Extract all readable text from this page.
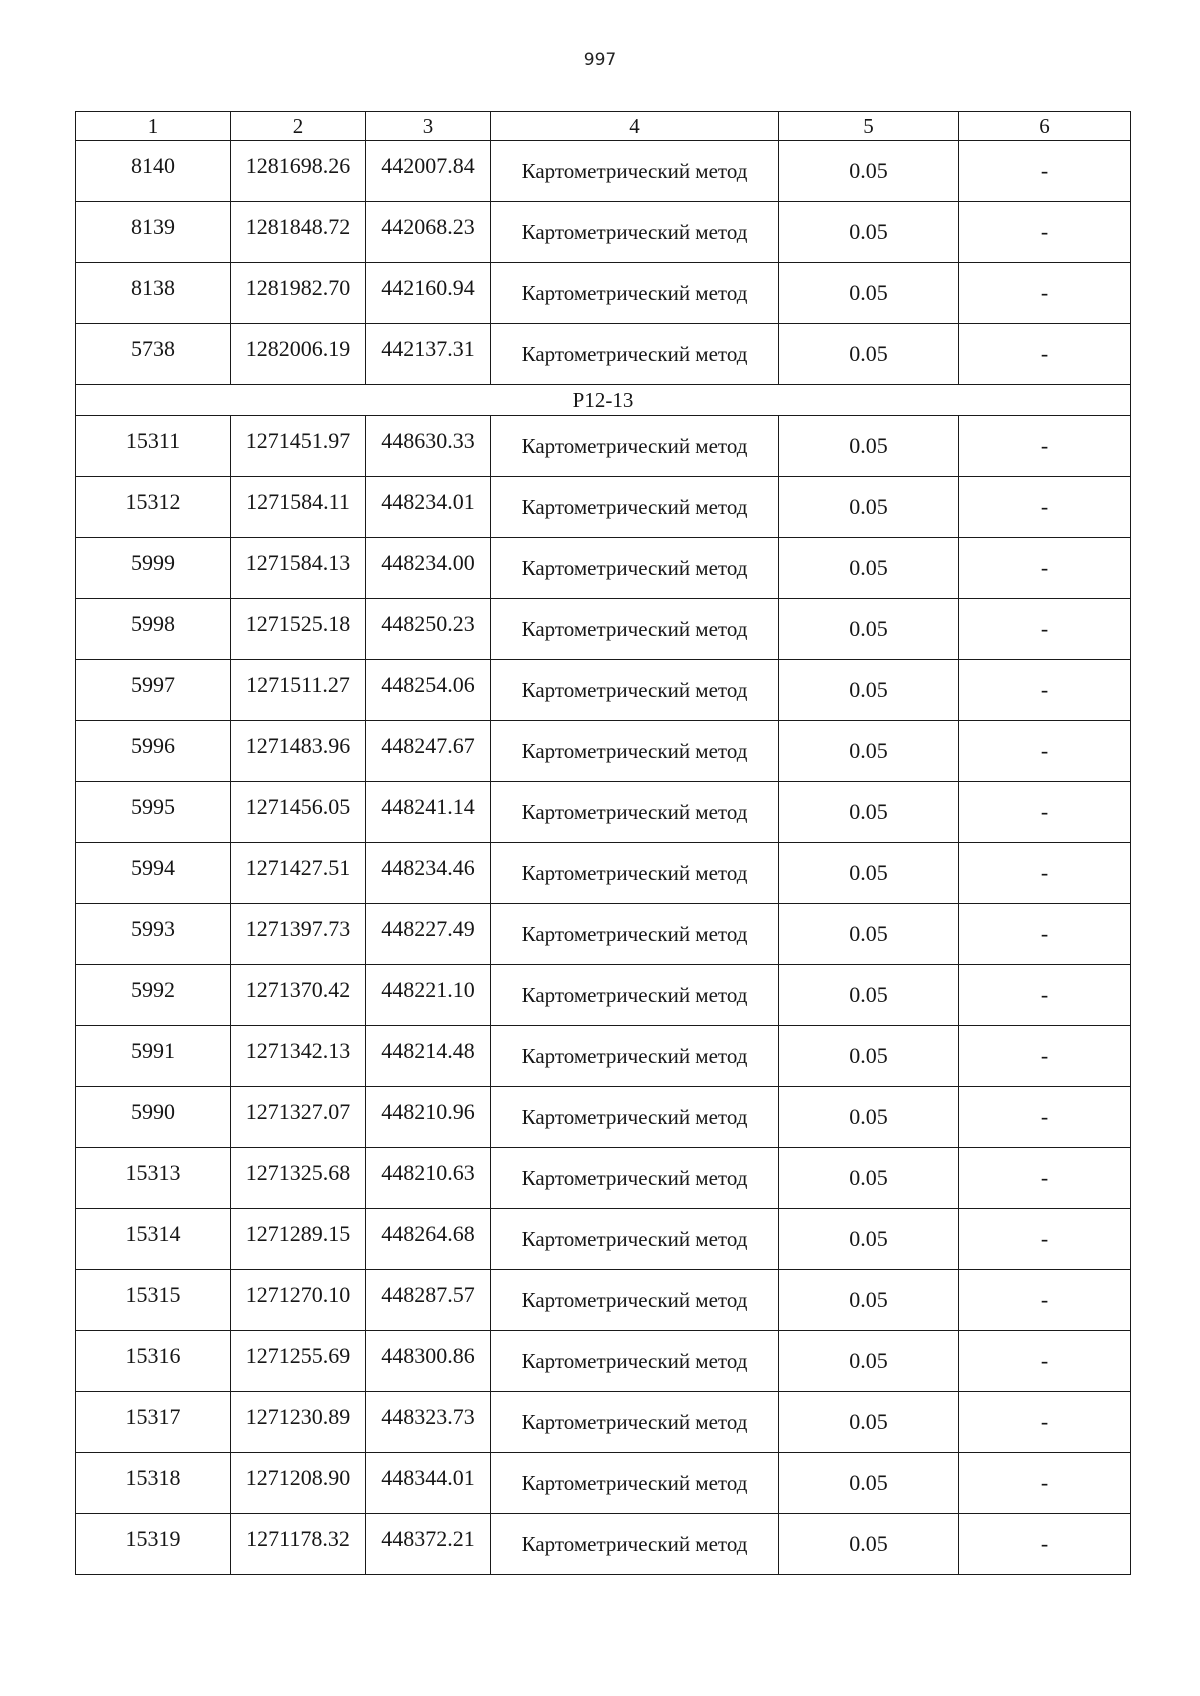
997
1	2	3	4	5	6
8140	1281698.26	442007.84	Картометрический метод	0.05	-
8139	1281848.72	442068.23	Картометрический метод	0.05	-
8138	1281982.70	442160.94	Картометрический метод	0.05	-
5738	1282006.19	442137.31	Картометрический метод	0.05	-
Р12-13					
15311	1271451.97	448630.33	Картометрический метод	0.05	-
15312	1271584.11	448234.01	Картометрический метод	0.05	-
5999	1271584.13	448234.00	Картометрический метод	0.05	-
5998	1271525.18	448250.23	Картометрический метод	0.05	-
5997	1271511.27	448254.06	Картометрический метод	0.05	-
5996	1271483.96	448247.67	Картометрический метод	0.05	-
5995	1271456.05	448241.14	Картометрический метод	0.05	-
5994	1271427.51	448234.46	Картометрический метод	0.05	-
5993	1271397.73	448227.49	Картометрический метод	0.05	-
5992	1271370.42	448221.10	Картометрический метод	0.05	-
5991	1271342.13	448214.48	Картометрический метод	0.05	-
5990	1271327.07	448210.96	Картометрический метод	0.05	-
15313	1271325.68	448210.63	Картометрический метод	0.05	-
15314	1271289.15	448264.68	Картометрический метод	0.05	-
15315	1271270.10	448287.57	Картометрический метод	0.05	-
15316	1271255.69	448300.86	Картометрический метод	0.05	-
15317	1271230.89	448323.73	Картометрический метод	0.05	-
15318	1271208.90	448344.01	Картометрический метод	0.05	-
15319	1271178.32	448372.21	Картометрический метод	0.05	-
